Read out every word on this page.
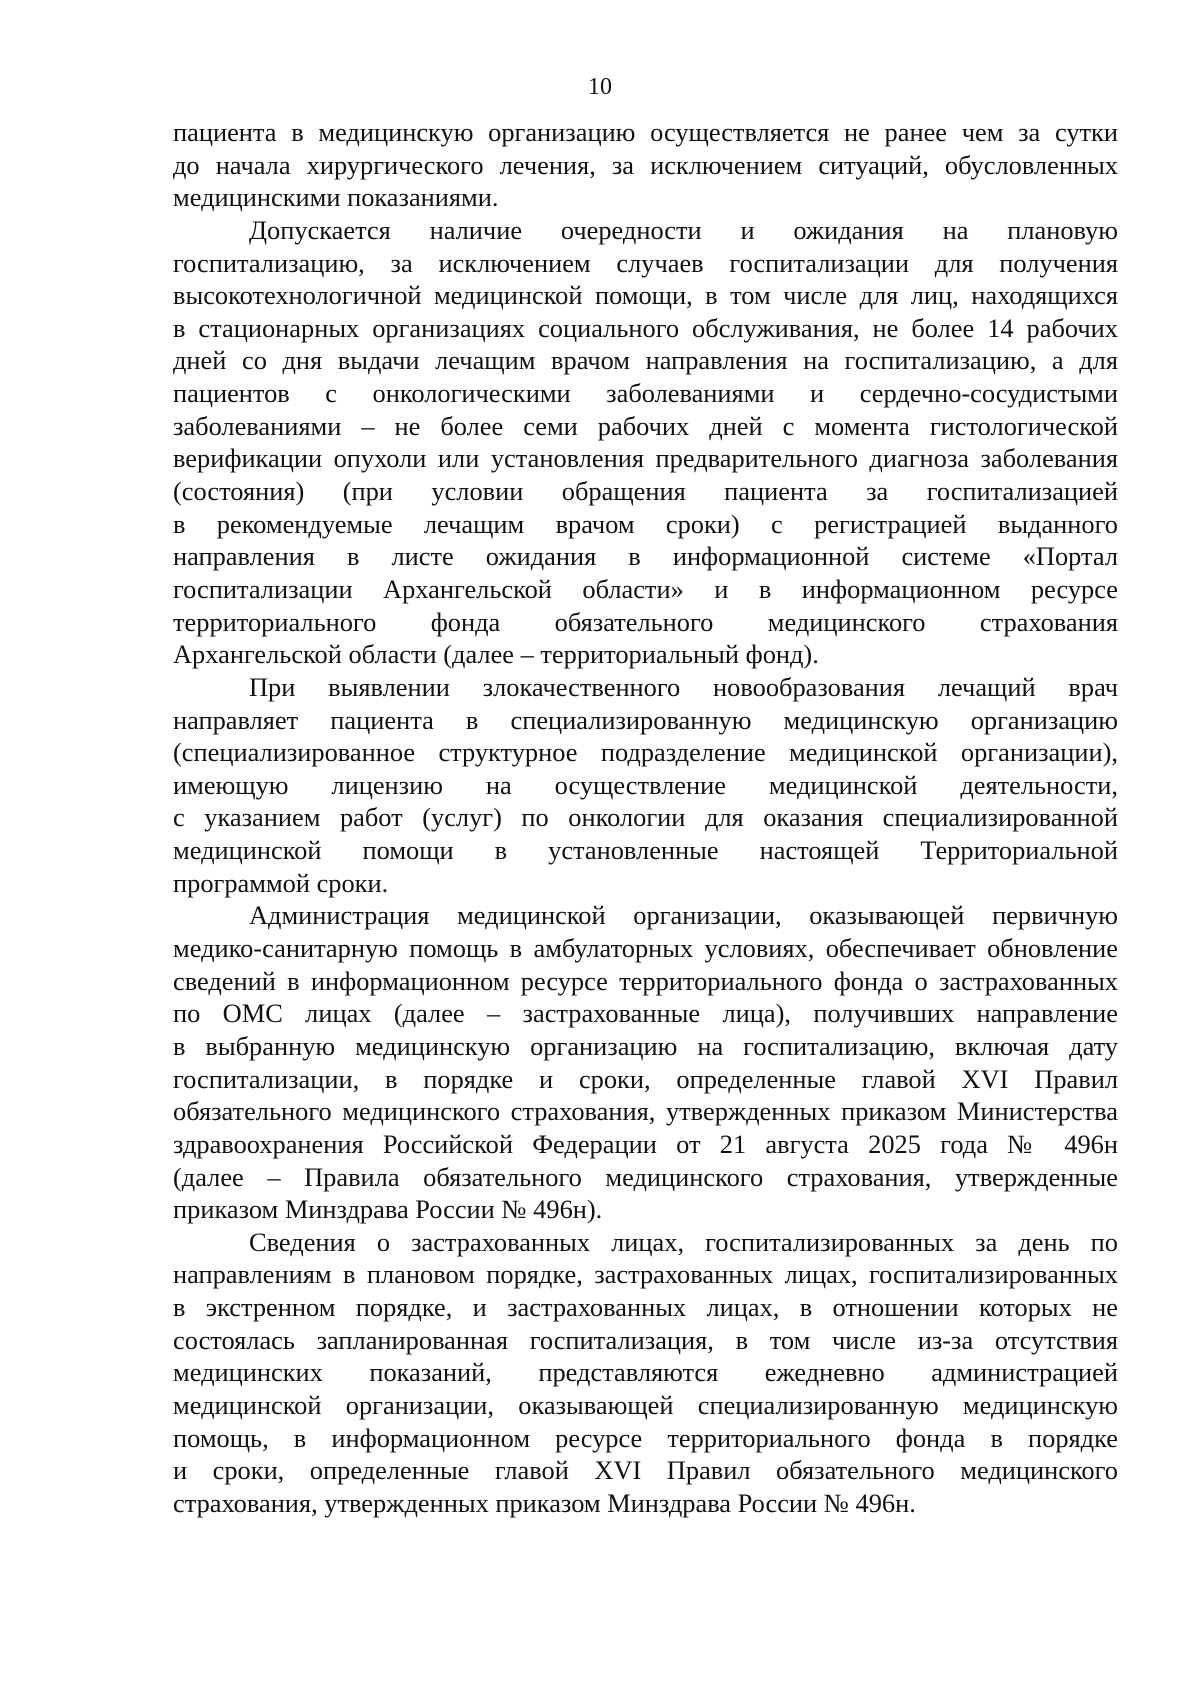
10
пациента в медицинскую организацию осуществляется не ранее чем за сутки
до начала хирургического лечения, за исключением ситуаций, обусловленных
медицинскими показаниями.
Допускается наличие очередности и ожидания на плановую
госпитализацию, за исключением случаев госпитализации для получения
высокотехнологичной медицинской помощи, в том числе для лиц, находящихся
в стационарных организациях социального обслуживания, не более 14 рабочих
дней со дня выдачи лечащим врачом направления на госпитализацию, а для
пациентов с онкологическими заболеваниями и сердечно-сосудистыми
заболеваниями – не более семи рабочих дней с момента гистологической
верификации опухоли или установления предварительного диагноза заболевания
(состояния) (при условии обращения пациента за госпитализацией
в рекомендуемые лечащим врачом сроки) с регистрацией выданного
направления в листе ожидания в информационной системе «Портал
госпитализации Архангельской области» и в информационном ресурсе
территориального фонда обязательного медицинского страхования
Архангельской области (далее – территориальный фонд).
При выявлении злокачественного новообразования лечащий врач
направляет пациента в специализированную медицинскую организацию
(специализированное структурное подразделение медицинской организации),
имеющую лицензию на осуществление медицинской деятельности,
с указанием работ (услуг) по онкологии для оказания специализированной
медицинской помощи в установленные настоящей Территориальной
программой сроки.
Администрация медицинской организации, оказывающей первичную
медико-санитарную помощь в амбулаторных условиях, обеспечивает обновление
сведений в информационном ресурсе территориального фонда о застрахованных
по ОМС лицах (далее – застрахованные лица), получивших направление
в выбранную медицинскую организацию на госпитализацию, включая дату
госпитализации, в порядке и сроки, определенные главой XVI Правил
обязательного медицинского страхования, утвержденных приказом Министерства
здравоохранения Российской Федерации от 21 августа 2025 года № 496н
(далее – Правила обязательного медицинского страхования, утвержденные
приказом Минздрава России № 496н).
Сведения о застрахованных лицах, госпитализированных за день по
направлениям в плановом порядке, застрахованных лицах, госпитализированных
в экстренном порядке, и застрахованных лицах, в отношении которых не
состоялась запланированная госпитализация, в том числе из-за отсутствия
медицинских показаний, представляются ежедневно администрацией
медицинской организации, оказывающей специализированную медицинскую
помощь, в информационном ресурсе территориального фонда в порядке
и сроки, определенные главой XVI Правил обязательного медицинского
страхования, утвержденных приказом Минздрава России № 496н.
